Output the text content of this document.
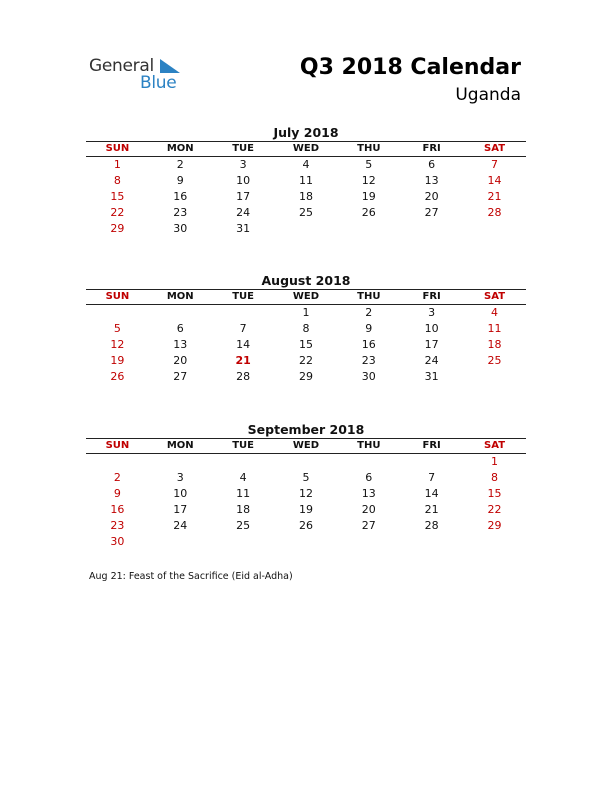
General
Blue
Q3 2018 Calendar
Uganda
July 2018
SUN	MON	TUE	WED	THU	FRI	SAT
1	2	3	4	5	6	7
8	9	10	11	12	13	14
15	16	17	18	19	20	21
22	23	24	25	26	27	28
29	30	31				
August 2018
SUN	MON	TUE	WED	THU	FRI	SAT
			1	2	3	4
5	6	7	8	9	10	11
12	13	14	15	16	17	18
19	20	21	22	23	24	25
26	27	28	29	30	31	
September 2018
SUN	MON	TUE	WED	THU	FRI	SAT
						1
2	3	4	5	6	7	8
9	10	11	12	13	14	15
16	17	18	19	20	21	22
23	24	25	26	27	28	29
30						
Aug 21: Feast of the Sacrifice (Eid al-Adha)
